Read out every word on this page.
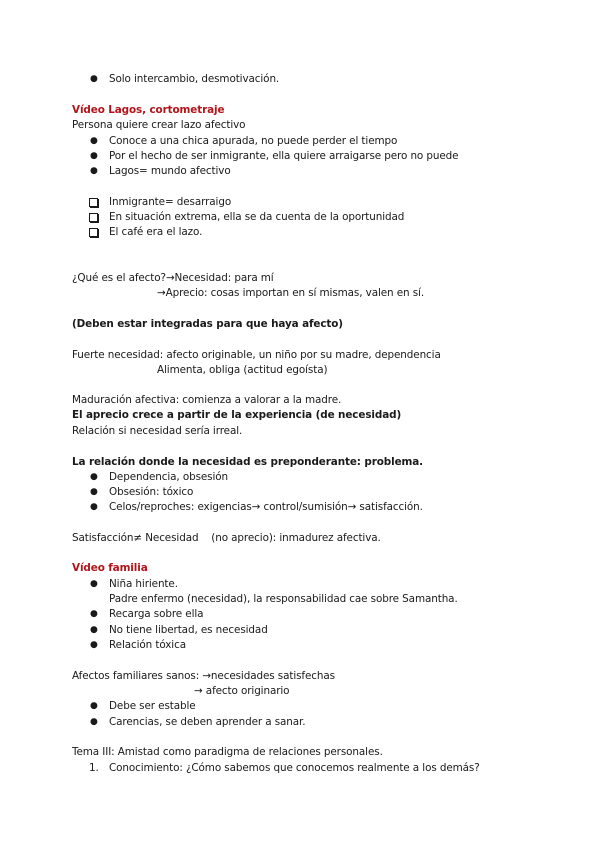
● Solo intercambio, desmotivación.
Vídeo Lagos, cortometraje
Persona quiere crear lazo afectivo
● Conoce a una chica apurada, no puede perder el tiempo
● Por el hecho de ser inmigrante, ella quiere arraigarse pero no puede
● Lagos= mundo afectivo
Inmigrante= desarraigo
En situación extrema, ella se da cuenta de la oportunidad
El café era el lazo.
¿Qué es el afecto?→Necesidad: para mí
→Aprecio: cosas importan en sí mismas, valen en sí.
(Deben estar integradas para que haya afecto)
Fuerte necesidad: afecto originable, un niño por su madre, dependencia
Alimenta, obliga (actitud egoísta)
Maduración afectiva: comienza a valorar a la madre.
El aprecio crece a partir de la experiencia (de necesidad)
Relación si necesidad sería irreal.
La relación donde la necesidad es preponderante: problema.
● Dependencia, obsesión
● Obsesión: tóxico
● Celos/reproches: exigencias→ control/sumisión→ satisfacción.
Satisfacción≠ Necesidad    (no aprecio): inmadurez afectiva.
Vídeo familia
● Niña hiriente.
Padre enfermo (necesidad), la responsabilidad cae sobre Samantha.
● Recarga sobre ella
● No tiene libertad, es necesidad
● Relación tóxica
Afectos familiares sanos: →necesidades satisfechas
→ afecto originario
● Debe ser estable
● Carencias, se deben aprender a sanar.
Tema III: Amistad como paradigma de relaciones personales.
1. Conocimiento: ¿Cómo sabemos que conocemos realmente a los demás?
